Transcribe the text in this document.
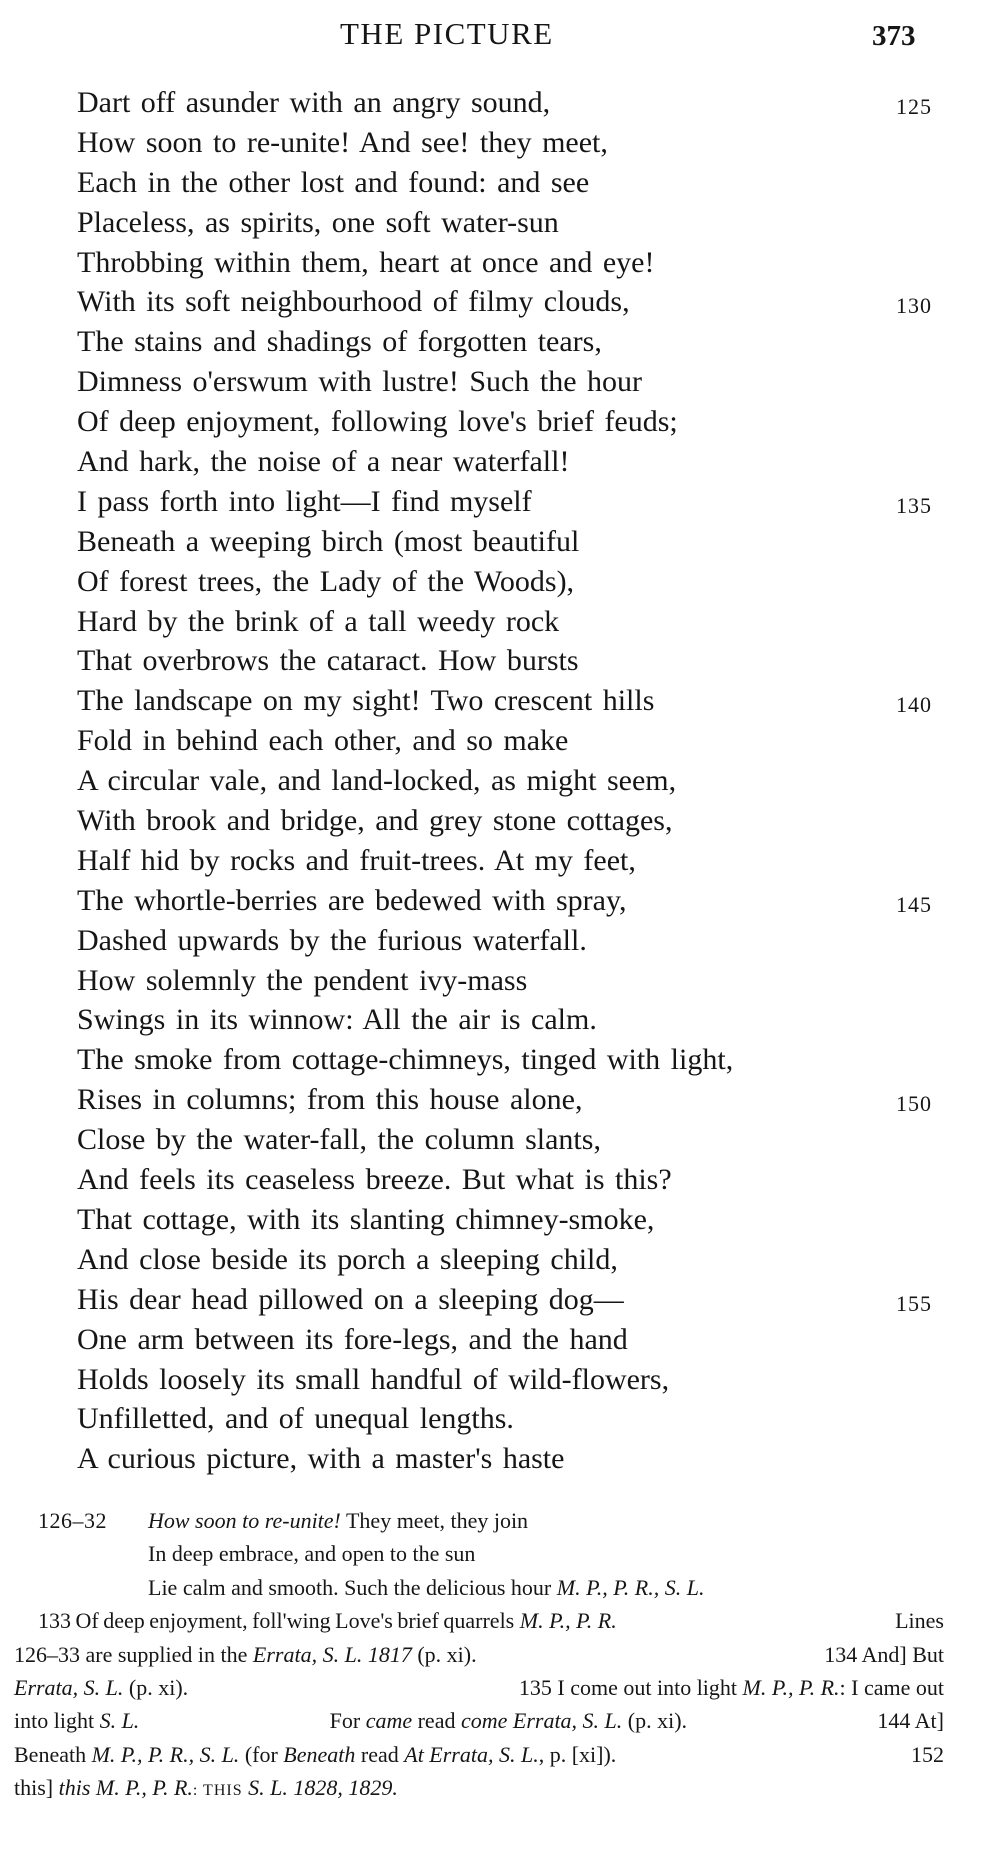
THE PICTURE	373
Dart off asunder with an angry sound,	125
How soon to re-unite! And see! they meet,
Each in the other lost and found: and see
Placeless, as spirits, one soft water-sun
Throbbing within them, heart at once and eye!
With its soft neighbourhood of filmy clouds,	130
The stains and shadings of forgotten tears,
Dimness o'erswum with lustre! Such the hour
Of deep enjoyment, following love's brief feuds;
And hark, the noise of a near waterfall!
I pass forth into light—I find myself	135
Beneath a weeping birch (most beautiful
Of forest trees, the Lady of the Woods),
Hard by the brink of a tall weedy rock
That overbrows the cataract. How bursts
The landscape on my sight! Two crescent hills	140
Fold in behind each other, and so make
A circular vale, and land-locked, as might seem,
With brook and bridge, and grey stone cottages,
Half hid by rocks and fruit-trees. At my feet,
The whortle-berries are bedewed with spray,	145
Dashed upwards by the furious waterfall.
How solemnly the pendent ivy-mass
Swings in its winnow: All the air is calm.
The smoke from cottage-chimneys, tinged with light,
Rises in columns; from this house alone,	150
Close by the water-fall, the column slants,
And feels its ceaseless breeze. But what is this?
That cottage, with its slanting chimney-smoke,
And close beside its porch a sleeping child,
His dear head pillowed on a sleeping dog—	155
One arm between its fore-legs, and the hand
Holds loosely its small handful of wild-flowers,
Unfilletted, and of unequal lengths.
A curious picture, with a master's haste
126–32 How soon to re-unite! They meet, they join
In deep embrace, and open to the sun
Lie calm and smooth. Such the delicious hour M. P., P. R., S. L.
133 Of deep enjoyment, foll'wing Love's brief quarrels M. P., P. R.	Lines
126–33 are supplied in the Errata, S. L. 1817 (p. xi).	134 And] But
Errata, S. L. (p. xi).	135 I come out into light M. P., P. R.: I came out
into light S. L.	For came read come Errata, S. L. (p. xi).	144 At]
Beneath M. P., P. R., S. L. (for Beneath read At Errata, S. L., p. [xi]).	152
this] this M. P., P. R.: THIS S. L. 1828, 1829.
